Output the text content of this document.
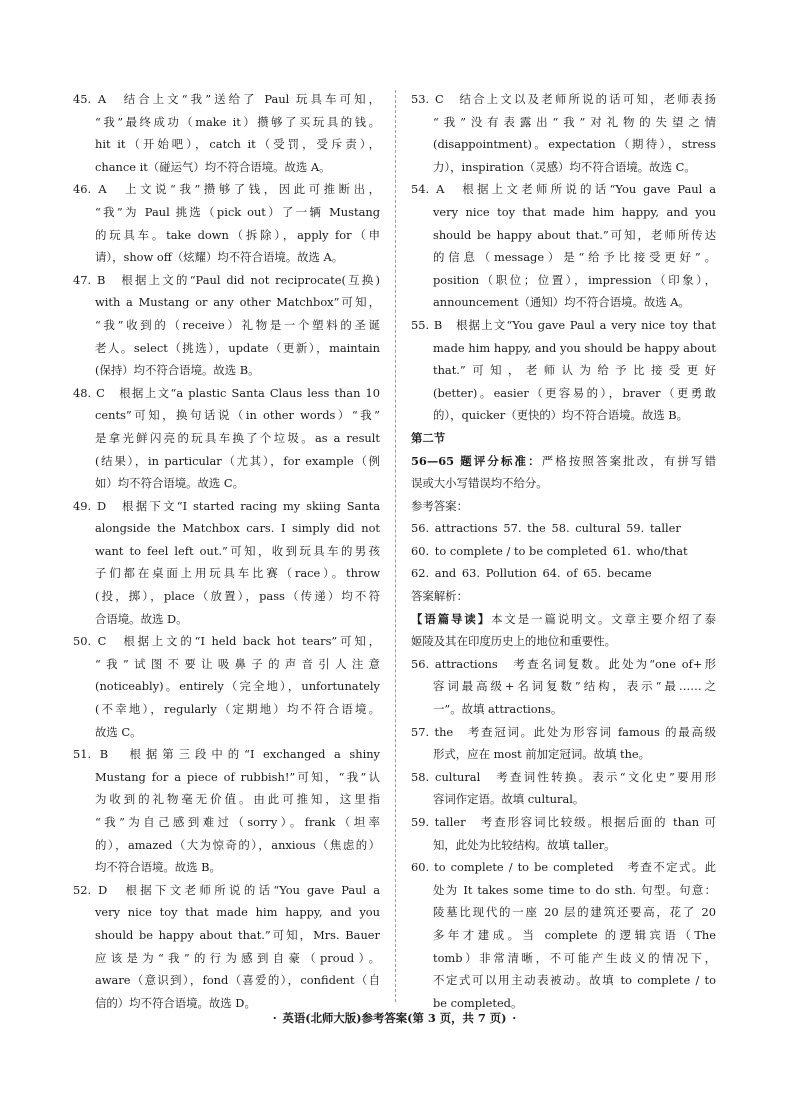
45. A　结合上文“我”送给了 Paul 玩具车可知，
“我”最终成功（make it）攒够了买玩具的钱。
hit it（开始吧），catch it（受罚，受斥责），
chance it（碰运气）均不符合语境。故选 A。
46. A　上文说“我”攒够了钱，因此可推断出，
“我”为 Paul 挑选（pick out）了一辆 Mustang
的玩具车。take down（拆除），apply for（申
请），show off（炫耀）均不符合语境。故选 A。
47. B　根据上文的“Paul did not reciprocate(互换)
with a Mustang or any other Matchbox”可知，
“我”收到的（receive）礼物是一个塑料的圣诞
老人。select（挑选），update（更新），maintain
(保持）均不符合语境。故选 B。
48. C　根据上文“a plastic Santa Claus less than 10
cents”可知，换句话说（in other words）“我”
是拿光鲜闪亮的玩具车换了个垃圾。as a result
(结果），in particular（尤其），for example（例
如）均不符合语境。故选 C。
49. D　根据下文“I started racing my skiing Santa
alongside the Matchbox cars. I simply did not
want to feel left out.”可知，收到玩具车的男孩
子们都在桌面上用玩具车比赛（race）。throw
(投，掷），place（放置），pass（传递）均不符
合语境。故选 D。
50. C　根据上文的“I held back hot tears”可知，
“我”试图不要让吸鼻子的声音引人注意
(noticeably)。entirely（完全地），unfortunately
(不幸地），regularly（定期地）均不符合语境。
故选 C。
51. B　根据第三段中的“I exchanged a shiny
Mustang for a piece of rubbish!”可知，“我”认
为收到的礼物毫无价值。由此可推知，这里指
“我”为自己感到难过（sorry）。frank（坦率
的），amazed（大为惊奇的），anxious（焦虑的）
均不符合语境。故选 B。
52. D　根据下文老师所说的话“You gave Paul a
very nice toy that made him happy, and you
should be happy about that.”可知，Mrs. Bauer
应该是为“我”的行为感到自豪（proud）。
aware（意识到），fond（喜爱的），confident（自
信的）均不符合语境。故选 D。
53. C　结合上文以及老师所说的话可知，老师表扬
“我”没有表露出“我”对礼物的失望之情
(disappointment)。expectation（期待），stress
力），inspiration（灵感）均不符合语境。故选 C。
54. A　根据上文老师所说的话“You gave Paul a
very nice toy that made him happy, and you
should be happy about that.”可知，老师所传达
的信息（message）是“给予比接受更好”。
position（职位；位置），impression（印象），
announcement（通知）均不符合语境。故选 A。
55. B　根据上文“You gave Paul a very nice toy that
made him happy, and you should be happy about
that.”可知，老师认为给予比接受更好
(better)。easier（更容易的），braver（更勇敢
的），quicker（更快的）均不符合语境。故选 B。
第二节
56—65 题评分标准：严格按照答案批改，有拼写错
误或大小写错误均不给分。
参考答案：
56. attractions 57. the 58. cultural 59. taller
60. to complete / to be completed 61. who/that
62. and 63. Pollution 64. of 65. became
答案解析：
【语篇导读】本文是一篇说明文。文章主要介绍了泰
姬陵及其在印度历史上的地位和重要性。
56. attractions　考查名词复数。此处为“one of+形
容词最高级+名词复数”结构，表示“最……之
一”。故填 attractions。
57. the　考查冠词。此处为形容词 famous 的最高级
形式，应在 most 前加定冠词。故填 the。
58. cultural　考查词性转换。表示“文化史”要用形
容词作定语。故填 cultural。
59. taller　考查形容词比较级。根据后面的 than 可
知，此处为比较结构。故填 taller。
60. to complete / to be completed　考查不定式。此
处为 It takes some time to do sth. 句型。句意：
陵墓比现代的一座 20 层的建筑还要高，花了 20
多年才建成。当 complete 的逻辑宾语（The
tomb）非常清晰，不可能产生歧义的情况下，
不定式可以用主动表被动。故填 to complete / to
be completed。
· 英语(北师大版)参考答案(第 3 页，共 7 页) ·
